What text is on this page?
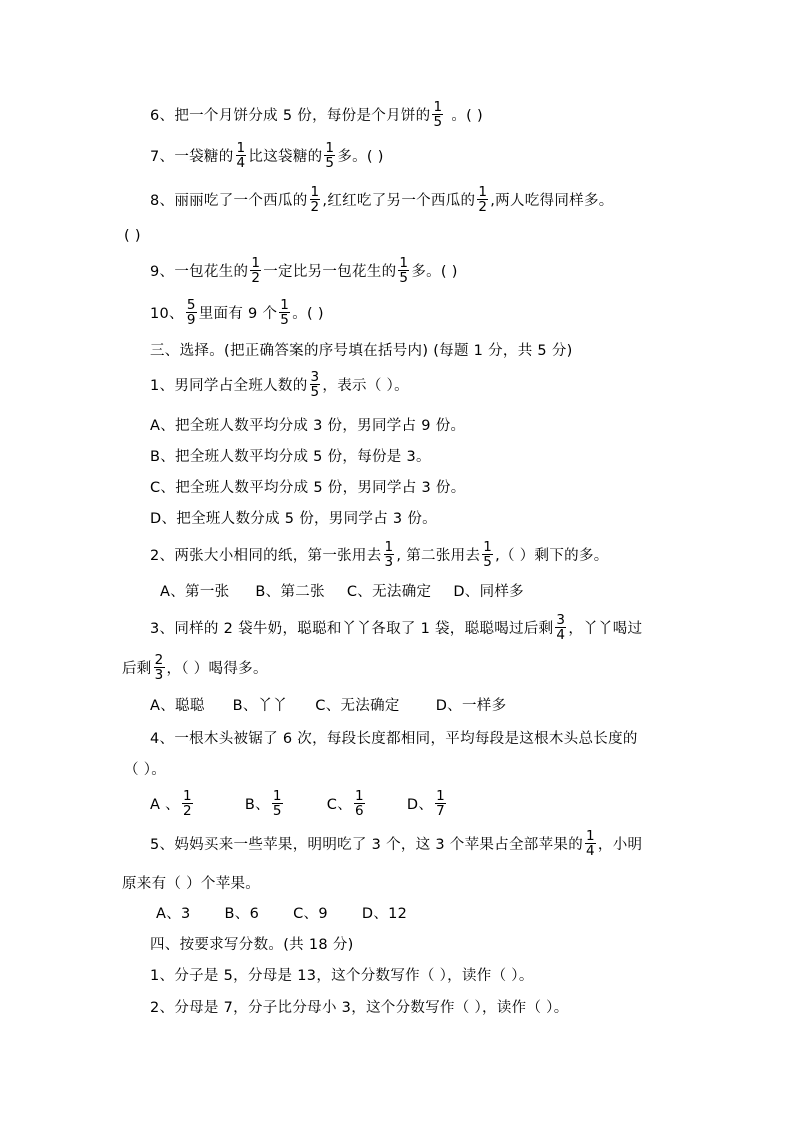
6、把一个月饼分成 5 份，每份是个月饼的 $\frac{1}{5}$ 。( )
7、一袋糖的 $\frac{1}{4}$ 比这袋糖的 $\frac{1}{5}$ 多。( )
8、丽丽吃了一个西瓜的 $\frac{1}{2}$ ,红红吃了另一个西瓜的 $\frac{1}{2}$ ,两人吃得同样多。
( )
9、一包花生的 $\frac{1}{2}$ 一定比另一包花生的 $\frac{1}{5}$ 多。( )
10、 $\frac{5}{9}$ 里面有 9 个 $\frac{1}{5}$ 。( )
三、选择。(把正确答案的序号填在括号内) (每题 1 分，共 5 分)
1、男同学占全班人数的 $\frac{3}{5}$ ，表示（ ）。
A、把全班人数平均分成 3 份，男同学占 9 份。
B、把全班人数平均分成 5 份，每份是 3。
C、把全班人数平均分成 5 份，男同学占 3 份。
D、把全班人数分成 5 份，男同学占 3 份。
2、两张大小相同的纸，第一张用去 $\frac{1}{3}$ , 第二张用去 $\frac{1}{5}$ ,（ ）剩下的多。
A、第一张 B、第二张 C、无法确定 D、同样多
3、同样的 2 袋牛奶，聪聪和丫丫各取了 1 袋，聪聪喝过后剩 $\frac{3}{4}$ ，丫丫喝过
后剩 $\frac{2}{3}$ ，（ ）喝得多。
A、聪聪 B、丫丫 C、无法确定 D、一样多
4、一根木头被锯了 6 次，每段长度都相同，平均每段是这根木头总长度的
（ ）。
A 、 $\frac{1}{2}$	B、 $\frac{1}{5}$	C、 $\frac{1}{6}$	D、 $\frac{1}{7}$
5、妈妈买来一些苹果，明明吃了 3 个，这 3 个苹果占全部苹果的 $\frac{1}{4}$ ，小明
原来有（ ）个苹果。
A、3 B、6 C、9 D、12
四、按要求写分数。(共 18 分)
1、分子是 5，分母是 13，这个分数写作（ ），读作（ ）。
2、分母是 7，分子比分母小 3，这个分数写作（ ），读作（ ）。
